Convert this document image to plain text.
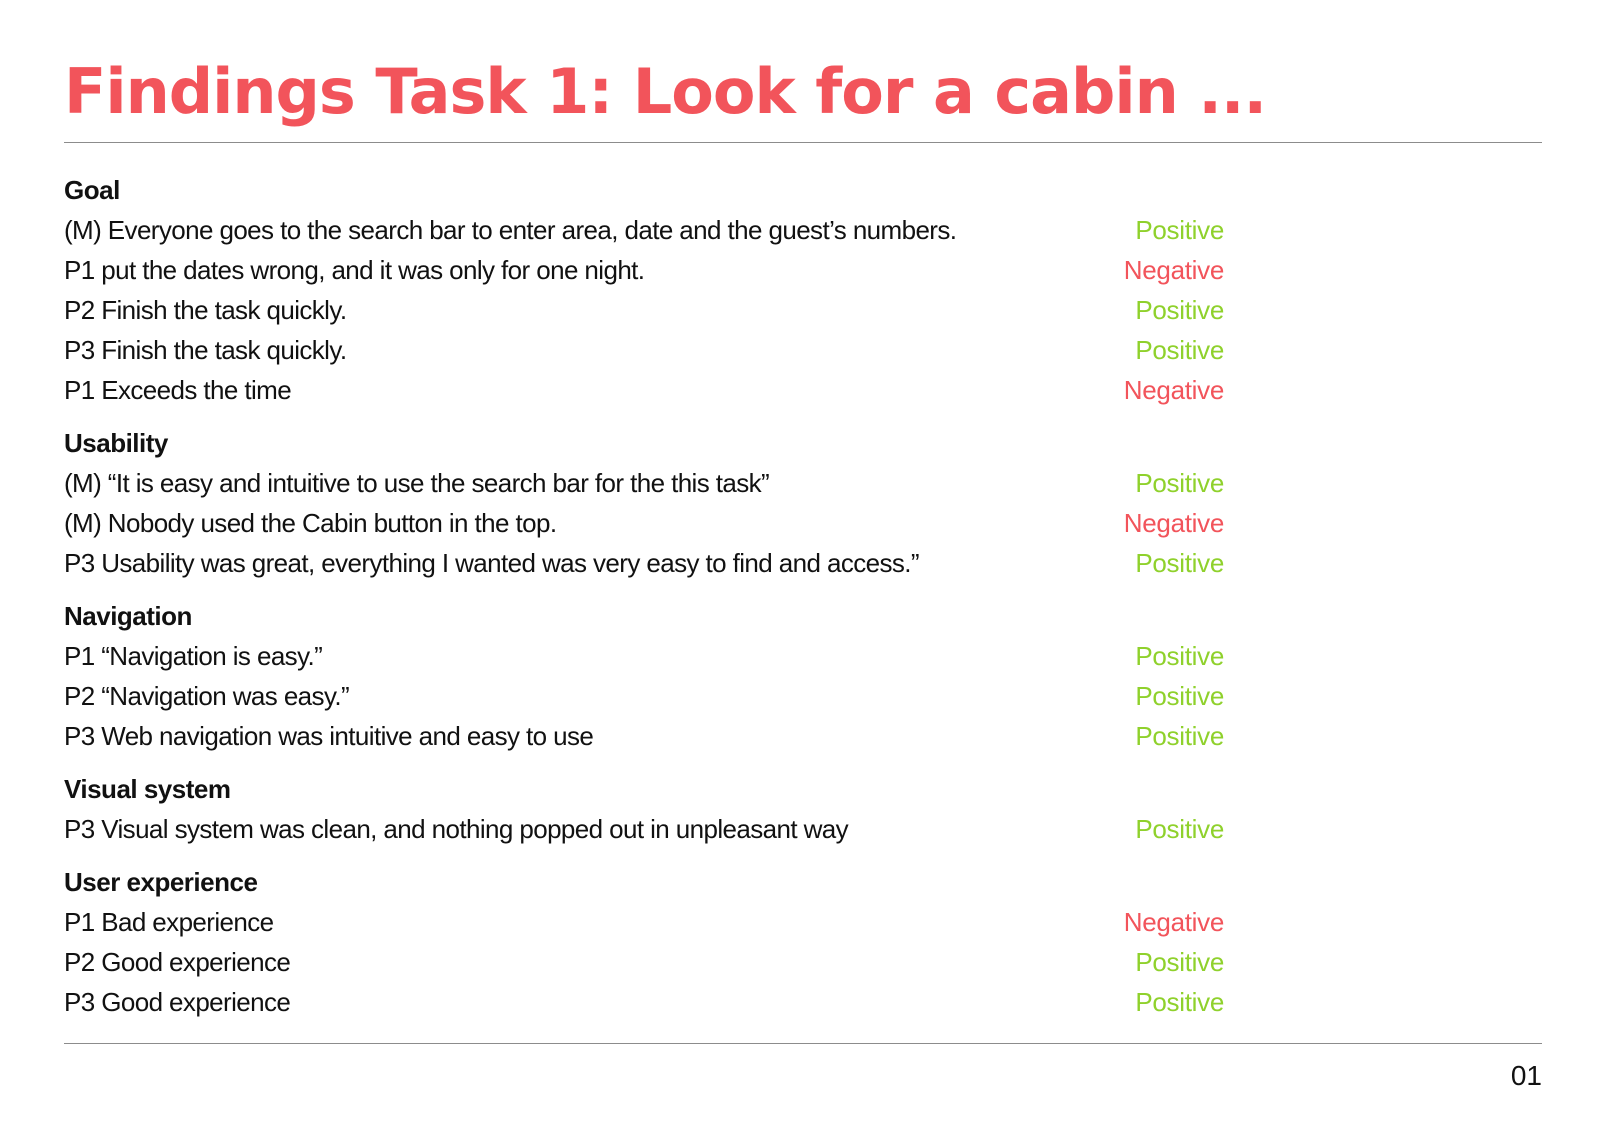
Findings Task 1: Look for a cabin ...
Goal
(M) Everyone goes to the search bar to enter area, date and the guest’s numbers.	Positive
P1 put the dates wrong, and it was only for one night.	Negative
P2 Finish the task quickly.	Positive
P3 Finish the task quickly.	Positive
P1 Exceeds the time	Negative
Usability
(M) “It is easy and intuitive to use the search bar for the this task”	Positive
(M) Nobody used the Cabin button in the top.	Negative
P3 Usability was great, everything I wanted was very easy to find and access.”	Positive
Navigation
P1 “Navigation is easy.”	Positive
P2 “Navigation was easy.”	Positive
P3 Web navigation was intuitive and easy to use	Positive
Visual system
P3 Visual system was clean, and nothing popped out in unpleasant way	Positive
User experience
P1 Bad experience	Negative
P2 Good experience	Positive
P3 Good experience	Positive
01
